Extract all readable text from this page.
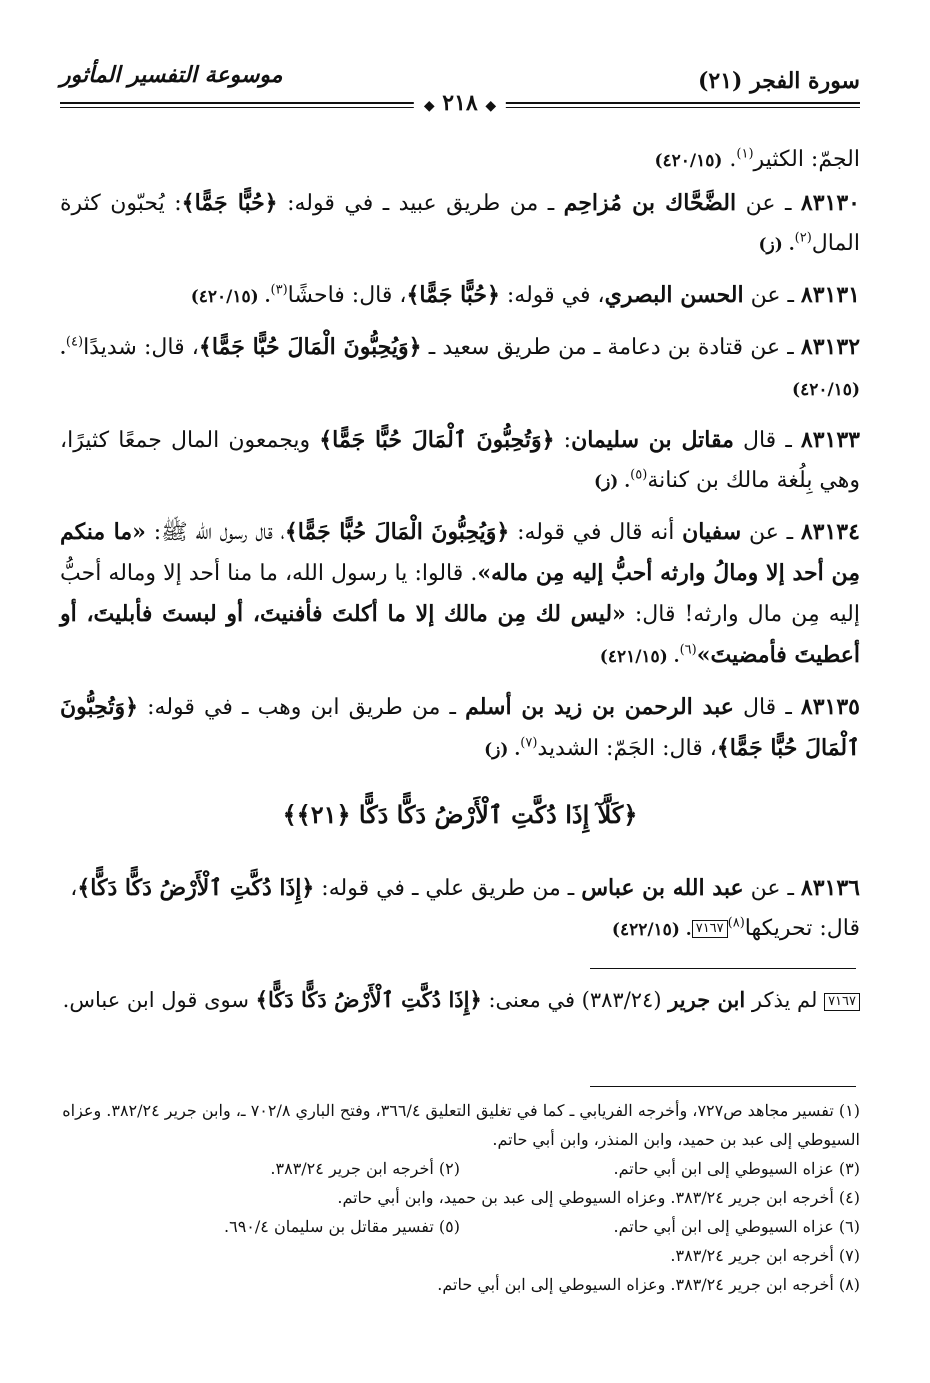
موسوعة التفسير المأثور	سورة الفجر (٢١)
◆ ٢١٨ ◆

الجمّ: الكثير$^{(١)}$. (٤٢٠/١٥)

٨٣١٣٠ ـ عن الضَّحَّاك بن مُزاحِم ـ من طريق عبيد ـ في قوله: ﴿حُبًّا جَمًّا﴾: يُحبّون كثرة المال$^{(٢)}$. (ز)

٨٣١٣١ ـ عن الحسن البصري، في قوله: ﴿حُبًّا جَمًّا﴾، قال: فاحشًا$^{(٣)}$. (٤٢٠/١٥)

٨٣١٣٢ ـ عن قتادة بن دعامة ـ من طريق سعيد ـ ﴿وَيُحِبُّونَ الْمَالَ حُبًّا جَمًّا﴾، قال: شديدًا$^{(٤)}$. (٤٢٠/١٥)

٨٣١٣٣ ـ قال مقاتل بن سليمان: ﴿وَتُحِبُّونَ ٱلْمَالَ حُبًّا جَمًّا﴾ ويجمعون المال جمعًا كثيرًا، وهي بِلُغة مالك بن كنانة$^{(٥)}$. (ز)

٨٣١٣٤ ـ عن سفيان أنه قال في قوله: ﴿وَيُحِبُّونَ الْمَالَ حُبًّا جَمًّا﴾، قال رسول الله ﷺ: «ما منكم مِن أحد إلا ومالُ وارثه أحبُّ إليه مِن ماله». قالوا: يا رسول الله، ما منا أحد إلا وماله أحبُّ إليه مِن مال وارثه! قال: «ليس لك مِن مالك إلا ما أكلتَ فأفنيتَ، أو لبستَ فأبليتَ، أو أعطيتَ فأمضيتَ»$^{(٦)}$. (٤٢١/١٥)

٨٣١٣٥ ـ قال عبد الرحمن بن زيد بن أسلم ـ من طريق ابن وهب ـ في قوله: ﴿وَتُحِبُّونَ ٱلْمَالَ حُبًّا جَمًّا﴾، قال: الجَمّ: الشديد$^{(٧)}$. (ز)

﴿كَلَّآ إِذَا دُكَّتِ ٱلْأَرْضُ دَكًّا دَكًّا ﴿٢١﴾﴾
٨٣١٣٦ ـ عن عبد الله بن عباس ـ من طريق علي ـ في قوله: ﴿إِذَا دُكَّتِ ٱلْأَرْضُ دَكًّا دَكًّا﴾، قال: تحريكها$^{(٨)}$٧١٦٧. (٤٢٢/١٥)
٧١٦٧ لم يذكر ابن جرير (٣٨٣/٢٤) في معنى: ﴿إِذَا دُكَّتِ ٱلْأَرْضُ دَكًّا دَكًّا﴾ سوى قول ابن عباس.

(١) تفسير مجاهد ص٧٢٧، وأخرجه الفريابي ـ كما في تغليق التعليق ٣٦٦/٤، وفتح الباري ٧٠٢/٨ ـ، وابن جرير ٣٨٢/٢٤. وعزاه السيوطي إلى عبد بن حميد، وابن المنذر، وابن أبي حاتم.

(٢) أخرجه ابن جرير ٣٨٣/٢٤.	(٣) عزاه السيوطي إلى ابن أبي حاتم.

(٤) أخرجه ابن جرير ٣٨٣/٢٤. وعزاه السيوطي إلى عبد بن حميد، وابن أبي حاتم.

(٥) تفسير مقاتل بن سليمان ٦٩٠/٤.	(٦) عزاه السيوطي إلى ابن أبي حاتم.

(٧) أخرجه ابن جرير ٣٨٣/٢٤.

(٨) أخرجه ابن جرير ٣٨٣/٢٤. وعزاه السيوطي إلى ابن أبي حاتم.
